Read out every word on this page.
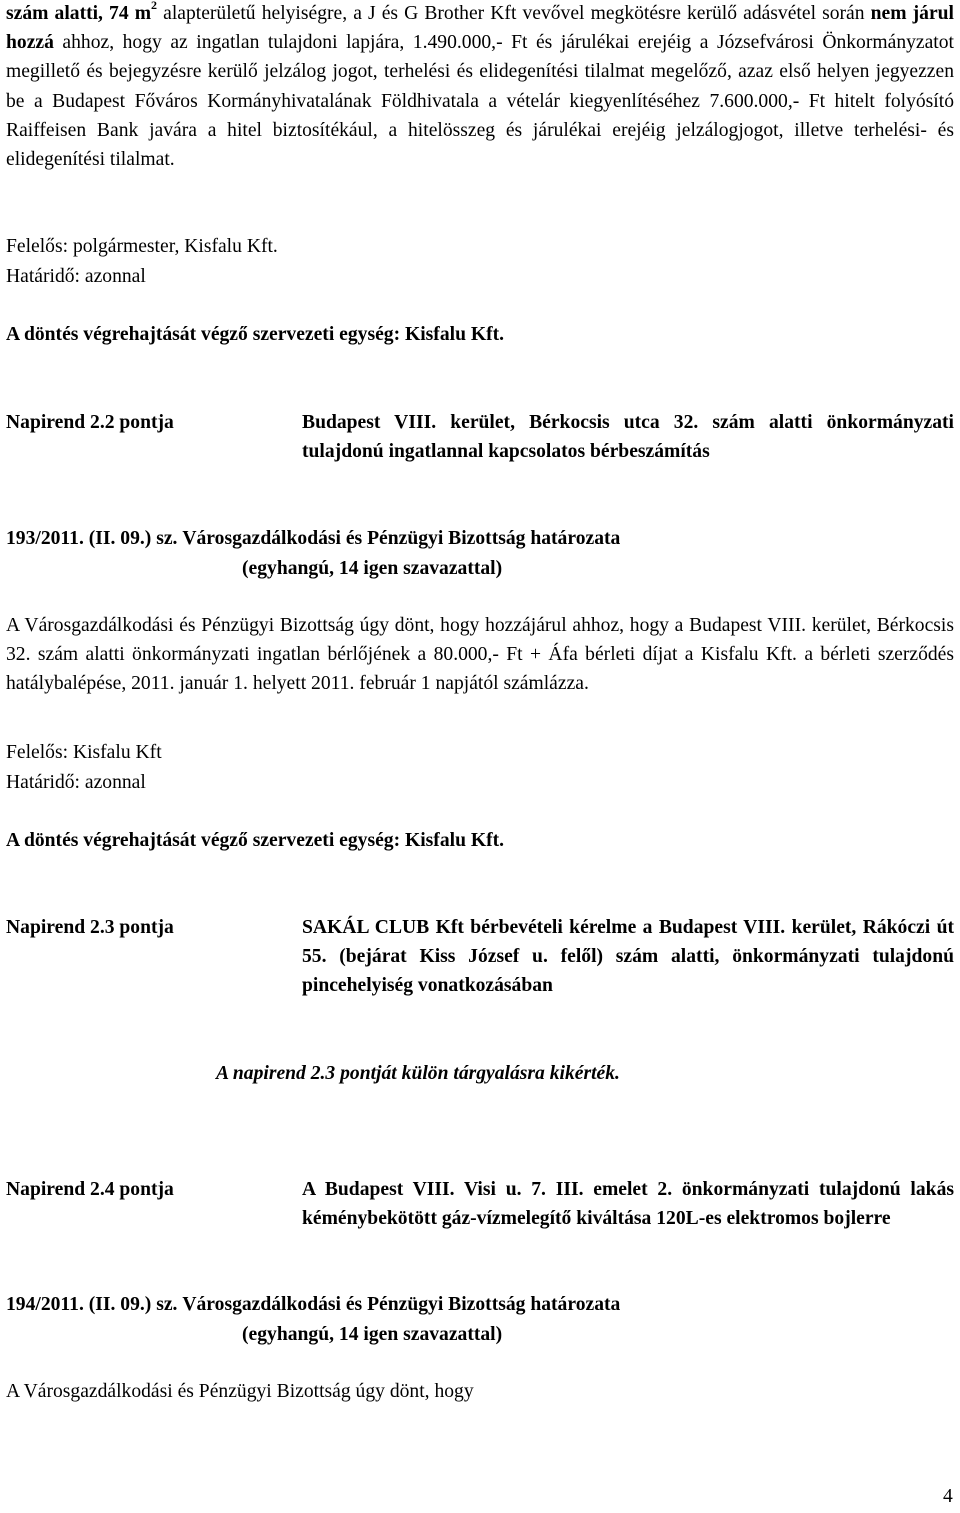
szám alatti, 74 $m^2$ alapterületű helyiségre, a J és G Brother Kft vevővel megkötésre kerülő adásvétel során nem járul hozzá ahhoz, hogy az ingatlan tulajdoni lapjára, 1.490.000,- Ft és járulékai erejéig a Józsefvárosi Önkormányzatot megillető és bejegyzésre kerülő jelzálog jogot, terhelési és elidegenítési tilalmat megelőző, azaz első helyen jegyezzen be a Budapest Főváros Kormányhivatalának Földhivatala a vételár kiegyenlítéséhez 7.600.000,- Ft hitelt folyósító Raiffeisen Bank javára a hitel biztosítékául, a hitelösszeg és járulékai erejéig jelzálogjogot, illetve terhelési- és elidegenítési tilalmat.

Felelős: polgármester, Kisfalu Kft.

Határidő: azonnal

A döntés végrehajtását végző szervezeti egység: Kisfalu Kft.

Napirend 2.2 pontja	Budapest VIII. kerület, Bérkocsis utca 32. szám alatti önkormányzati tulajdonú ingatlannal kapcsolatos bérbeszámítás

193/2011. (II. 09.) sz. Városgazdálkodási és Pénzügyi Bizottság határozata

(egyhangú, 14 igen szavazattal)

A Városgazdálkodási és Pénzügyi Bizottság úgy dönt, hogy hozzájárul ahhoz, hogy a Budapest VIII. kerület, Bérkocsis 32. szám alatti önkormányzati ingatlan bérlőjének a 80.000,- Ft + Áfa bérleti díjat a Kisfalu Kft. a bérleti szerződés hatálybalépése, 2011. január 1. helyett 2011. február 1 napjától számlázza.

Felelős: Kisfalu Kft

Határidő: azonnal

A döntés végrehajtását végző szervezeti egység: Kisfalu Kft.

Napirend 2.3 pontja	SAKÁL CLUB Kft bérbevételi kérelme a Budapest VIII. kerület, Rákóczi út 55. (bejárat Kiss József u. felől) szám alatti, önkormányzati tulajdonú pincehelyiség vonatkozásában

A napirend 2.3 pontját külön tárgyalásra kikérték.

Napirend 2.4 pontja	A Budapest VIII. Visi u. 7. III. emelet 2. önkormányzati tulajdonú lakás kéménybekötött gáz-vízmelegítő kiváltása 120L-es elektromos bojlerre

194/2011. (II. 09.) sz. Városgazdálkodási és Pénzügyi Bizottság határozata

(egyhangú, 14 igen szavazattal)

A Városgazdálkodási és Pénzügyi Bizottság úgy dönt, hogy

4
